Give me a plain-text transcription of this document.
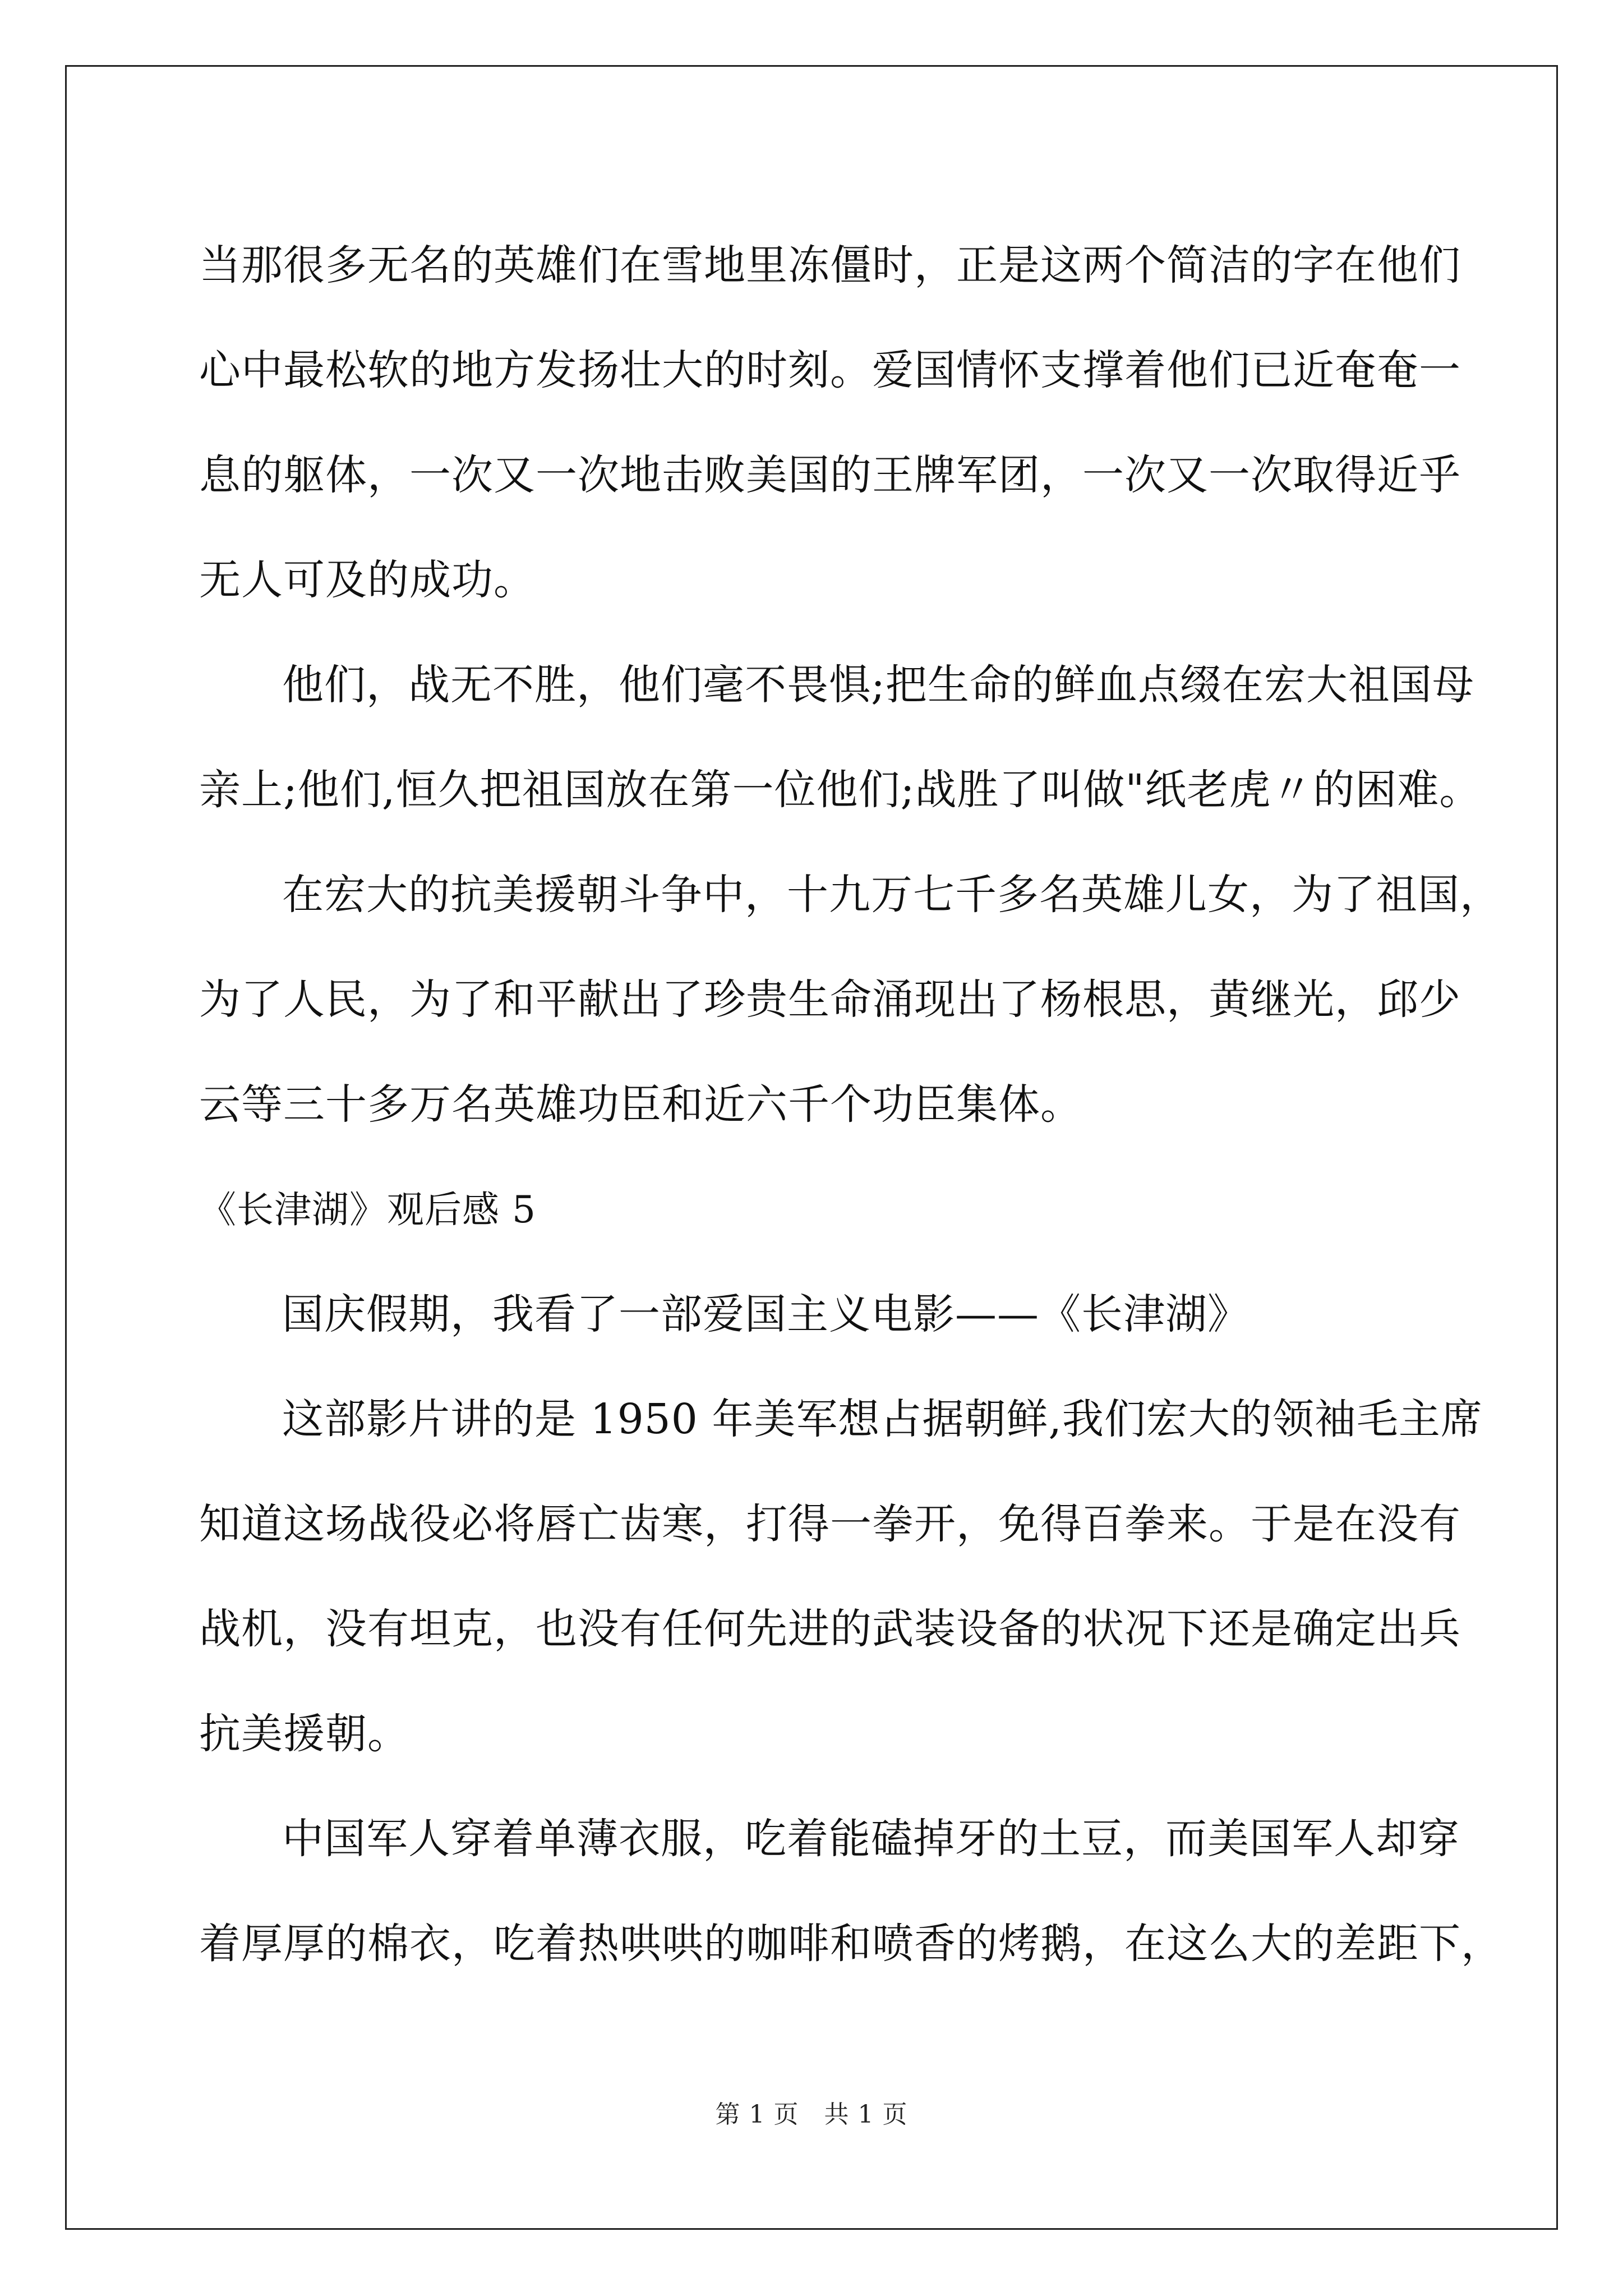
当那很多无名的英雄们在雪地里冻僵时，正是这两个简洁的字在他们
心中最松软的地方发扬壮大的时刻。爱国情怀支撑着他们已近奄奄一
息的躯体，一次又一次地击败美国的王牌军团，一次又一次取得近乎
无人可及的成功。

他们，战无不胜，他们毫不畏惧;把生命的鲜血点缀在宏大祖国母
亲上;他们,恒久把祖国放在第一位他们;战胜了叫做"纸老虎〃的困难。

在宏大的抗美援朝斗争中，十九万七千多名英雄儿女，为了祖国，
为了人民，为了和平献出了珍贵生命涌现出了杨根思，黄继光，邱少
云等三十多万名英雄功臣和近六千个功臣集体。

《长津湖》观后感 5

国庆假期，我看了一部爱国主义电影——《长津湖》

这部影片讲的是 1950 年美军想占据朝鲜,我们宏大的领袖毛主席
知道这场战役必将唇亡齿寒，打得一拳开，免得百拳来。于是在没有
战机，没有坦克，也没有任何先进的武装设备的状况下还是确定出兵
抗美援朝。

中国军人穿着单薄衣服，吃着能磕掉牙的土豆，而美国军人却穿
着厚厚的棉衣，吃着热哄哄的咖啡和喷香的烤鹅，在这么大的差距下，

第 1 页　共 1 页
